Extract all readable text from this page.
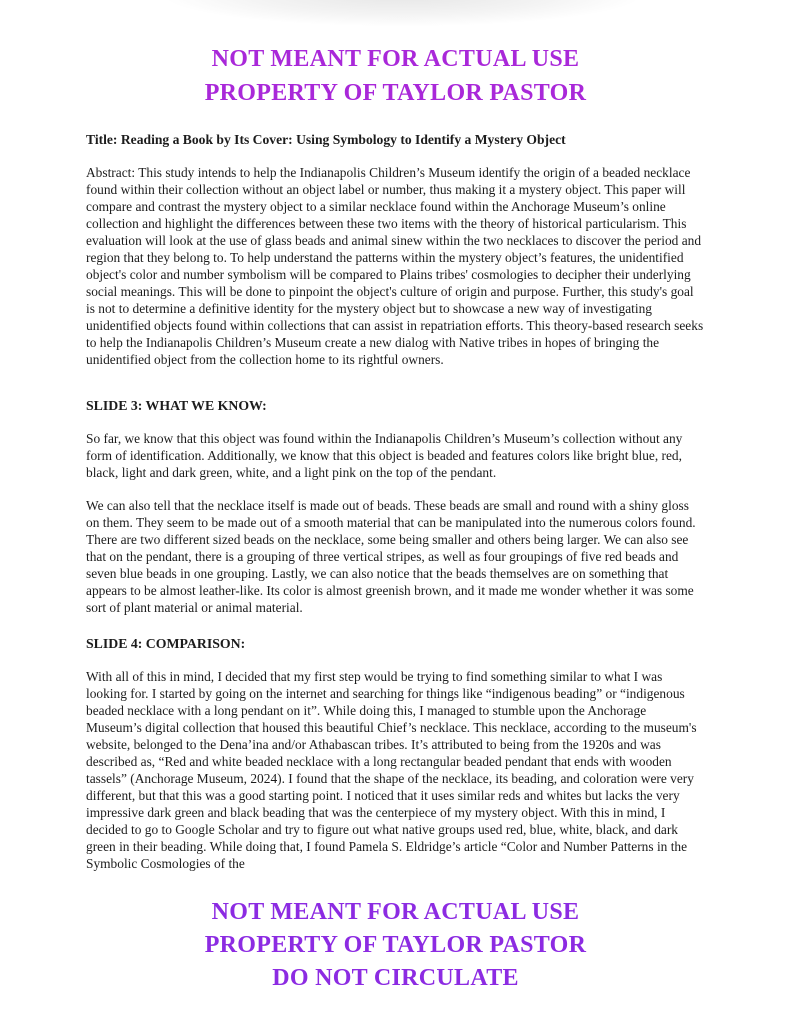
NOT MEANT FOR ACTUAL USE
PROPERTY OF TAYLOR PASTOR

Title: Reading a Book by Its Cover: Using Symbology to Identify a Mystery Object

Abstract: This study intends to help the Indianapolis Children’s Museum identify the origin of a beaded necklace found within their collection without an object label or number, thus making it a mystery object. This paper will compare and contrast the mystery object to a similar necklace found within the Anchorage Museum’s online collection and highlight the differences between these two items with the theory of historical particularism. This evaluation will look at the use of glass beads and animal sinew within the two necklaces to discover the period and region that they belong to. To help understand the patterns within the mystery object’s features, the unidentified object's color and number symbolism will be compared to Plains tribes' cosmologies to decipher their underlying social meanings. This will be done to pinpoint the object's culture of origin and purpose. Further, this study's goal is not to determine a definitive identity for the mystery object but to showcase a new way of investigating unidentified objects found within collections that can assist in repatriation efforts. This theory-based research seeks to help the Indianapolis Children’s Museum create a new dialog with Native tribes in hopes of bringing the unidentified object from the collection home to its rightful owners.

SLIDE 3: WHAT WE KNOW:

So far, we know that this object was found within the Indianapolis Children’s Museum’s collection without any form of identification. Additionally, we know that this object is beaded and features colors like bright blue, red, black, light and dark green, white, and a light pink on the top of the pendant.

We can also tell that the necklace itself is made out of beads. These beads are small and round with a shiny gloss on them. They seem to be made out of a smooth material that can be manipulated into the numerous colors found. There are two different sized beads on the necklace, some being smaller and others being larger. We can also see that on the pendant, there is a grouping of three vertical stripes, as well as four groupings of five red beads and seven blue beads in one grouping. Lastly, we can also notice that the beads themselves are on something that appears to be almost leather-like. Its color is almost greenish brown, and it made me wonder whether it was some sort of plant material or animal material.

SLIDE 4: COMPARISON:

With all of this in mind, I decided that my first step would be trying to find something similar to what I was looking for. I started by going on the internet and searching for things like “indigenous beading” or “indigenous beaded necklace with a long pendant on it”. While doing this, I managed to stumble upon the Anchorage Museum’s digital collection that housed this beautiful Chief’s necklace. This necklace, according to the museum's website, belonged to the Dena’ina and/or Athabascan tribes. It’s attributed to being from the 1920s and was described as, “Red and white beaded necklace with a long rectangular beaded pendant that ends with wooden tassels” (Anchorage Museum, 2024). I found that the shape of the necklace, its beading, and coloration were very different, but that this was a good starting point. I noticed that it uses similar reds and whites but lacks the very impressive dark green and black beading that was the centerpiece of my mystery object. With this in mind, I decided to go to Google Scholar and try to figure out what native groups used red, blue, white, black, and dark green in their beading. While doing that, I found Pamela S. Eldridge’s article “Color and Number Patterns in the Symbolic Cosmologies of the

NOT MEANT FOR ACTUAL USE
PROPERTY OF TAYLOR PASTOR
DO NOT CIRCULATE
